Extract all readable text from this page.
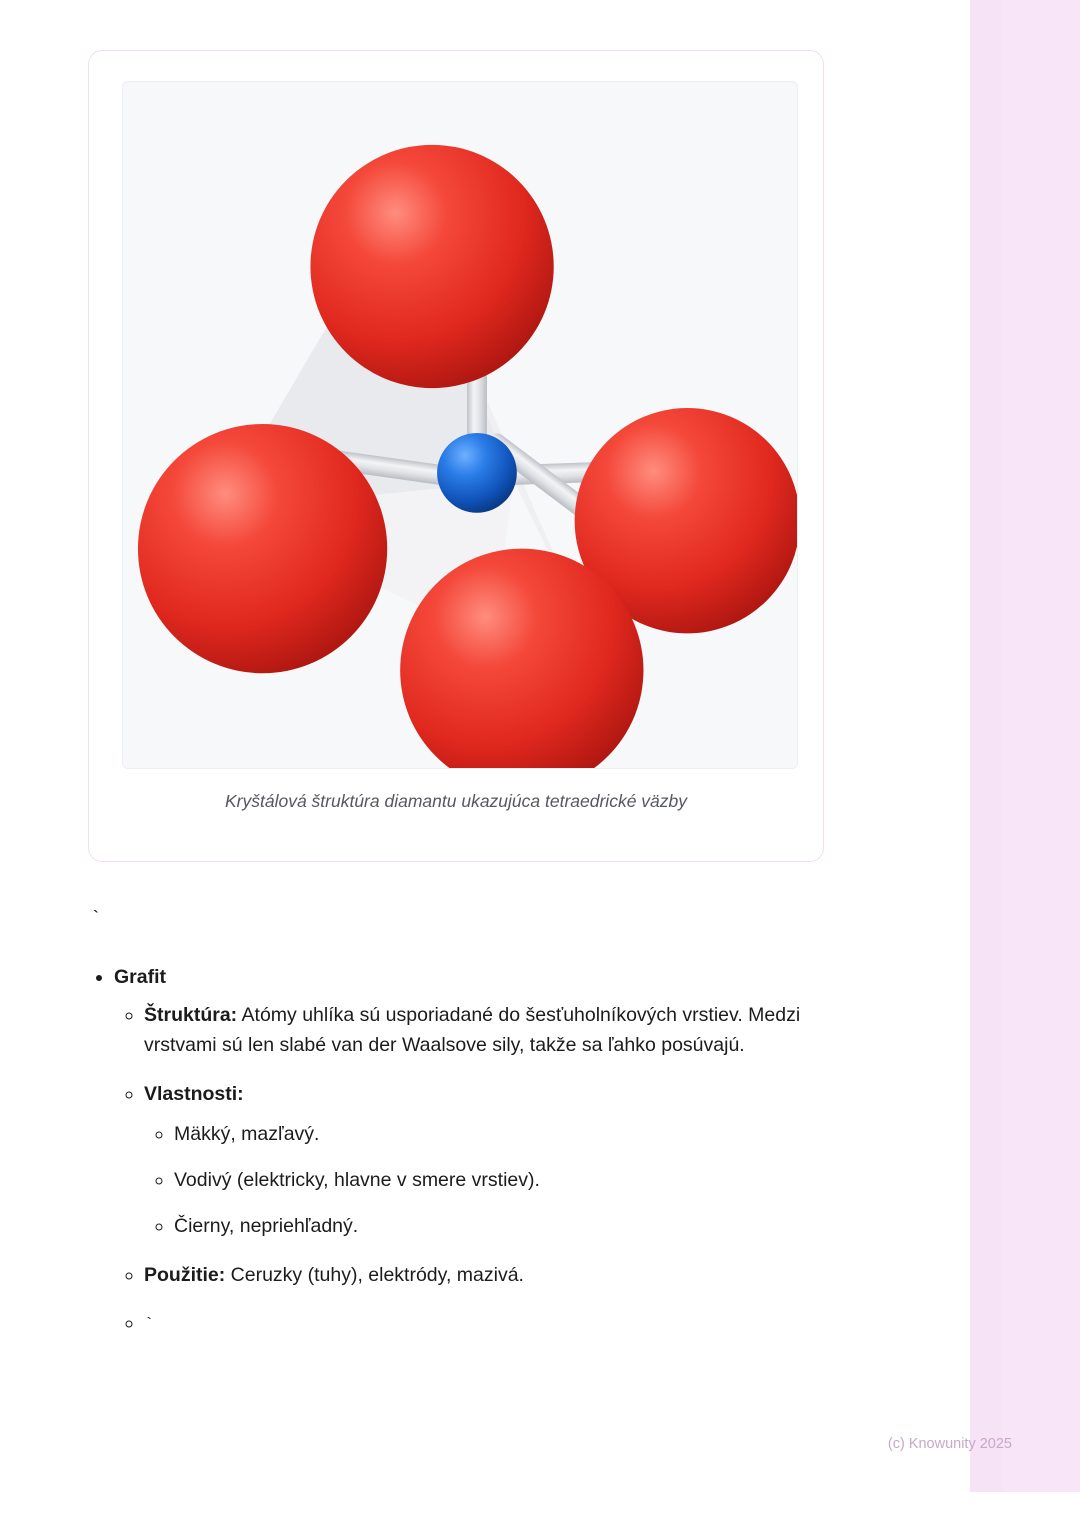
Kryštálová štruktúra diamantu ukazujúca tetraedrické väzby
`
• Grafit
◦ Štruktúra: Atómy uhlíka sú usporiadané do šesťuholníkových vrstiev. Medzi vrstvami sú len slabé van der Waalsove sily, takže sa ľahko posúvajú.
◦ Vlastnosti:
◦ Mäkký, mazľavý.
◦ Vodivý (elektricky, hlavne v smere vrstiev).
◦ Čierny, nepriehľadný.
◦ Použitie: Ceruzky (tuhy), elektródy, mazivá.
◦ `
(c) Knowunity 2025
